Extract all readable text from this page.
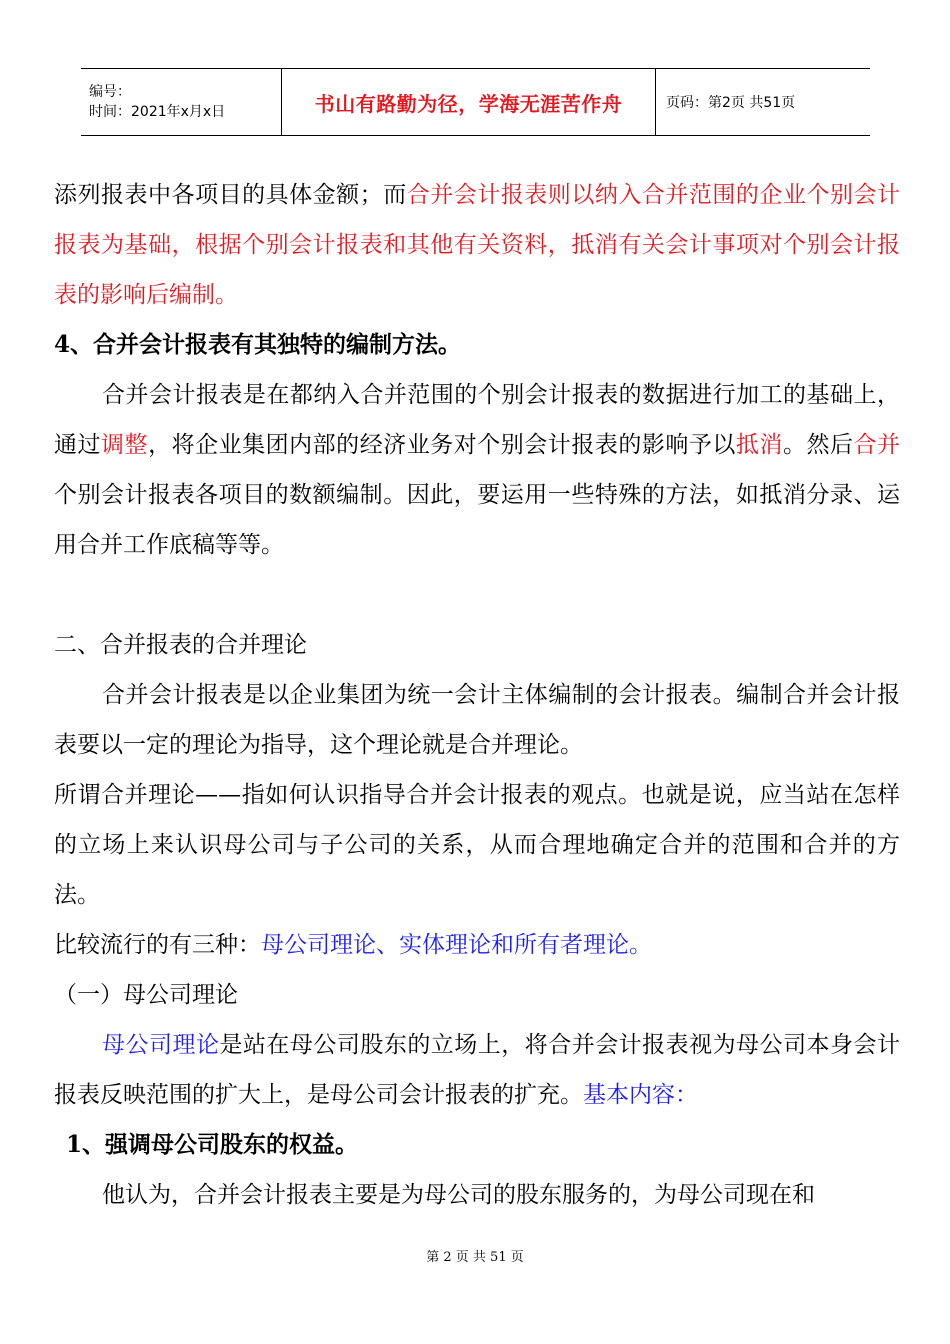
编号：
时间：2021年x月x日	书山有路勤为径，学海无涯苦作舟	页码：第2页 共51页

添列报表中各项目的具体金额；而合并会计报表则以纳入合并范围的企业个别会计报表为基础，根据个别会计报表和其他有关资料，抵消有关会计事项对个别会计报表的影响后编制。

4、合并会计报表有其独特的编制方法。

合并会计报表是在都纳入合并范围的个别会计报表的数据进行加工的基础上，通过调整，将企业集团内部的经济业务对个别会计报表的影响予以抵消。然后合并个别会计报表各项目的数额编制。因此，要运用一些特殊的方法，如抵消分录、运用合并工作底稿等等。

二、合并报表的合并理论

合并会计报表是以企业集团为统一会计主体编制的会计报表。编制合并会计报表要以一定的理论为指导，这个理论就是合并理论。

所谓合并理论——指如何认识指导合并会计报表的观点。也就是说，应当站在怎样的立场上来认识母公司与子公司的关系，从而合理地确定合并的范围和合并的方法。

比较流行的有三种：母公司理论、实体理论和所有者理论。

（一）母公司理论

母公司理论是站在母公司股东的立场上，将合并会计报表视为母公司本身会计报表反映范围的扩大上，是母公司会计报表的扩充。基本内容：

1、强调母公司股东的权益。

他认为，合并会计报表主要是为母公司的股东服务的，为母公司现在和

第 2 页 共 51 页
